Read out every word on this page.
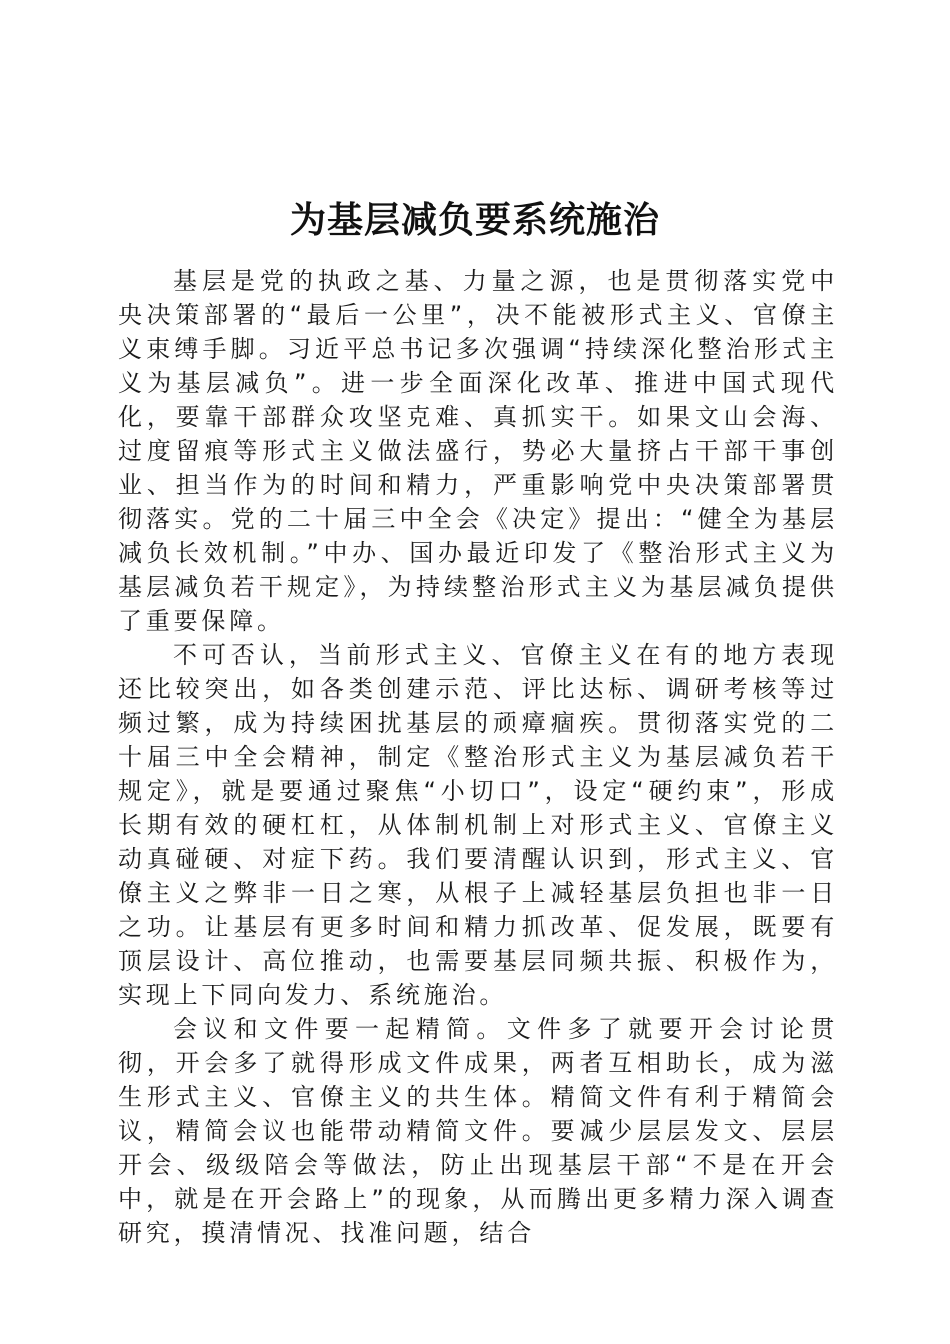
为基层减负要系统施治

基层是党的执政之基、力量之源，也是贯彻落实党中央决策部署的“最后一公里”，决不能被形式主义、官僚主义束缚手脚。习近平总书记多次强调“持续深化整治形式主义为基层减负”。进一步全面深化改革、推进中国式现代化，要靠干部群众攻坚克难、真抓实干。如果文山会海、过度留痕等形式主义做法盛行，势必大量挤占干部干事创业、担当作为的时间和精力，严重影响党中央决策部署贯彻落实。党的二十届三中全会《决定》提出：“健全为基层减负长效机制。”中办、国办最近印发了《整治形式主义为基层减负若干规定》，为持续整治形式主义为基层减负提供了重要保障。

不可否认，当前形式主义、官僚主义在有的地方表现还比较突出，如各类创建示范、评比达标、调研考核等过频过繁，成为持续困扰基层的顽瘴痼疾。贯彻落实党的二十届三中全会精神，制定《整治形式主义为基层减负若干规定》，就是要通过聚焦“小切口”，设定“硬约束”，形成长期有效的硬杠杠，从体制机制上对形式主义、官僚主义动真碰硬、对症下药。我们要清醒认识到，形式主义、官僚主义之弊非一日之寒，从根子上减轻基层负担也非一日之功。让基层有更多时间和精力抓改革、促发展，既要有顶层设计、高位推动，也需要基层同频共振、积极作为，实现上下同向发力、系统施治。

会议和文件要一起精简。文件多了就要开会讨论贯彻，开会多了就得形成文件成果，两者互相助长，成为滋生形式主义、官僚主义的共生体。精简文件有利于精简会议，精简会议也能带动精简文件。要减少层层发文、层层开会、级级陪会等做法，防止出现基层干部“不是在开会中，就是在开会路上”的现象，从而腾出更多精力深入调查研究，摸清情况、找准问题，结合
